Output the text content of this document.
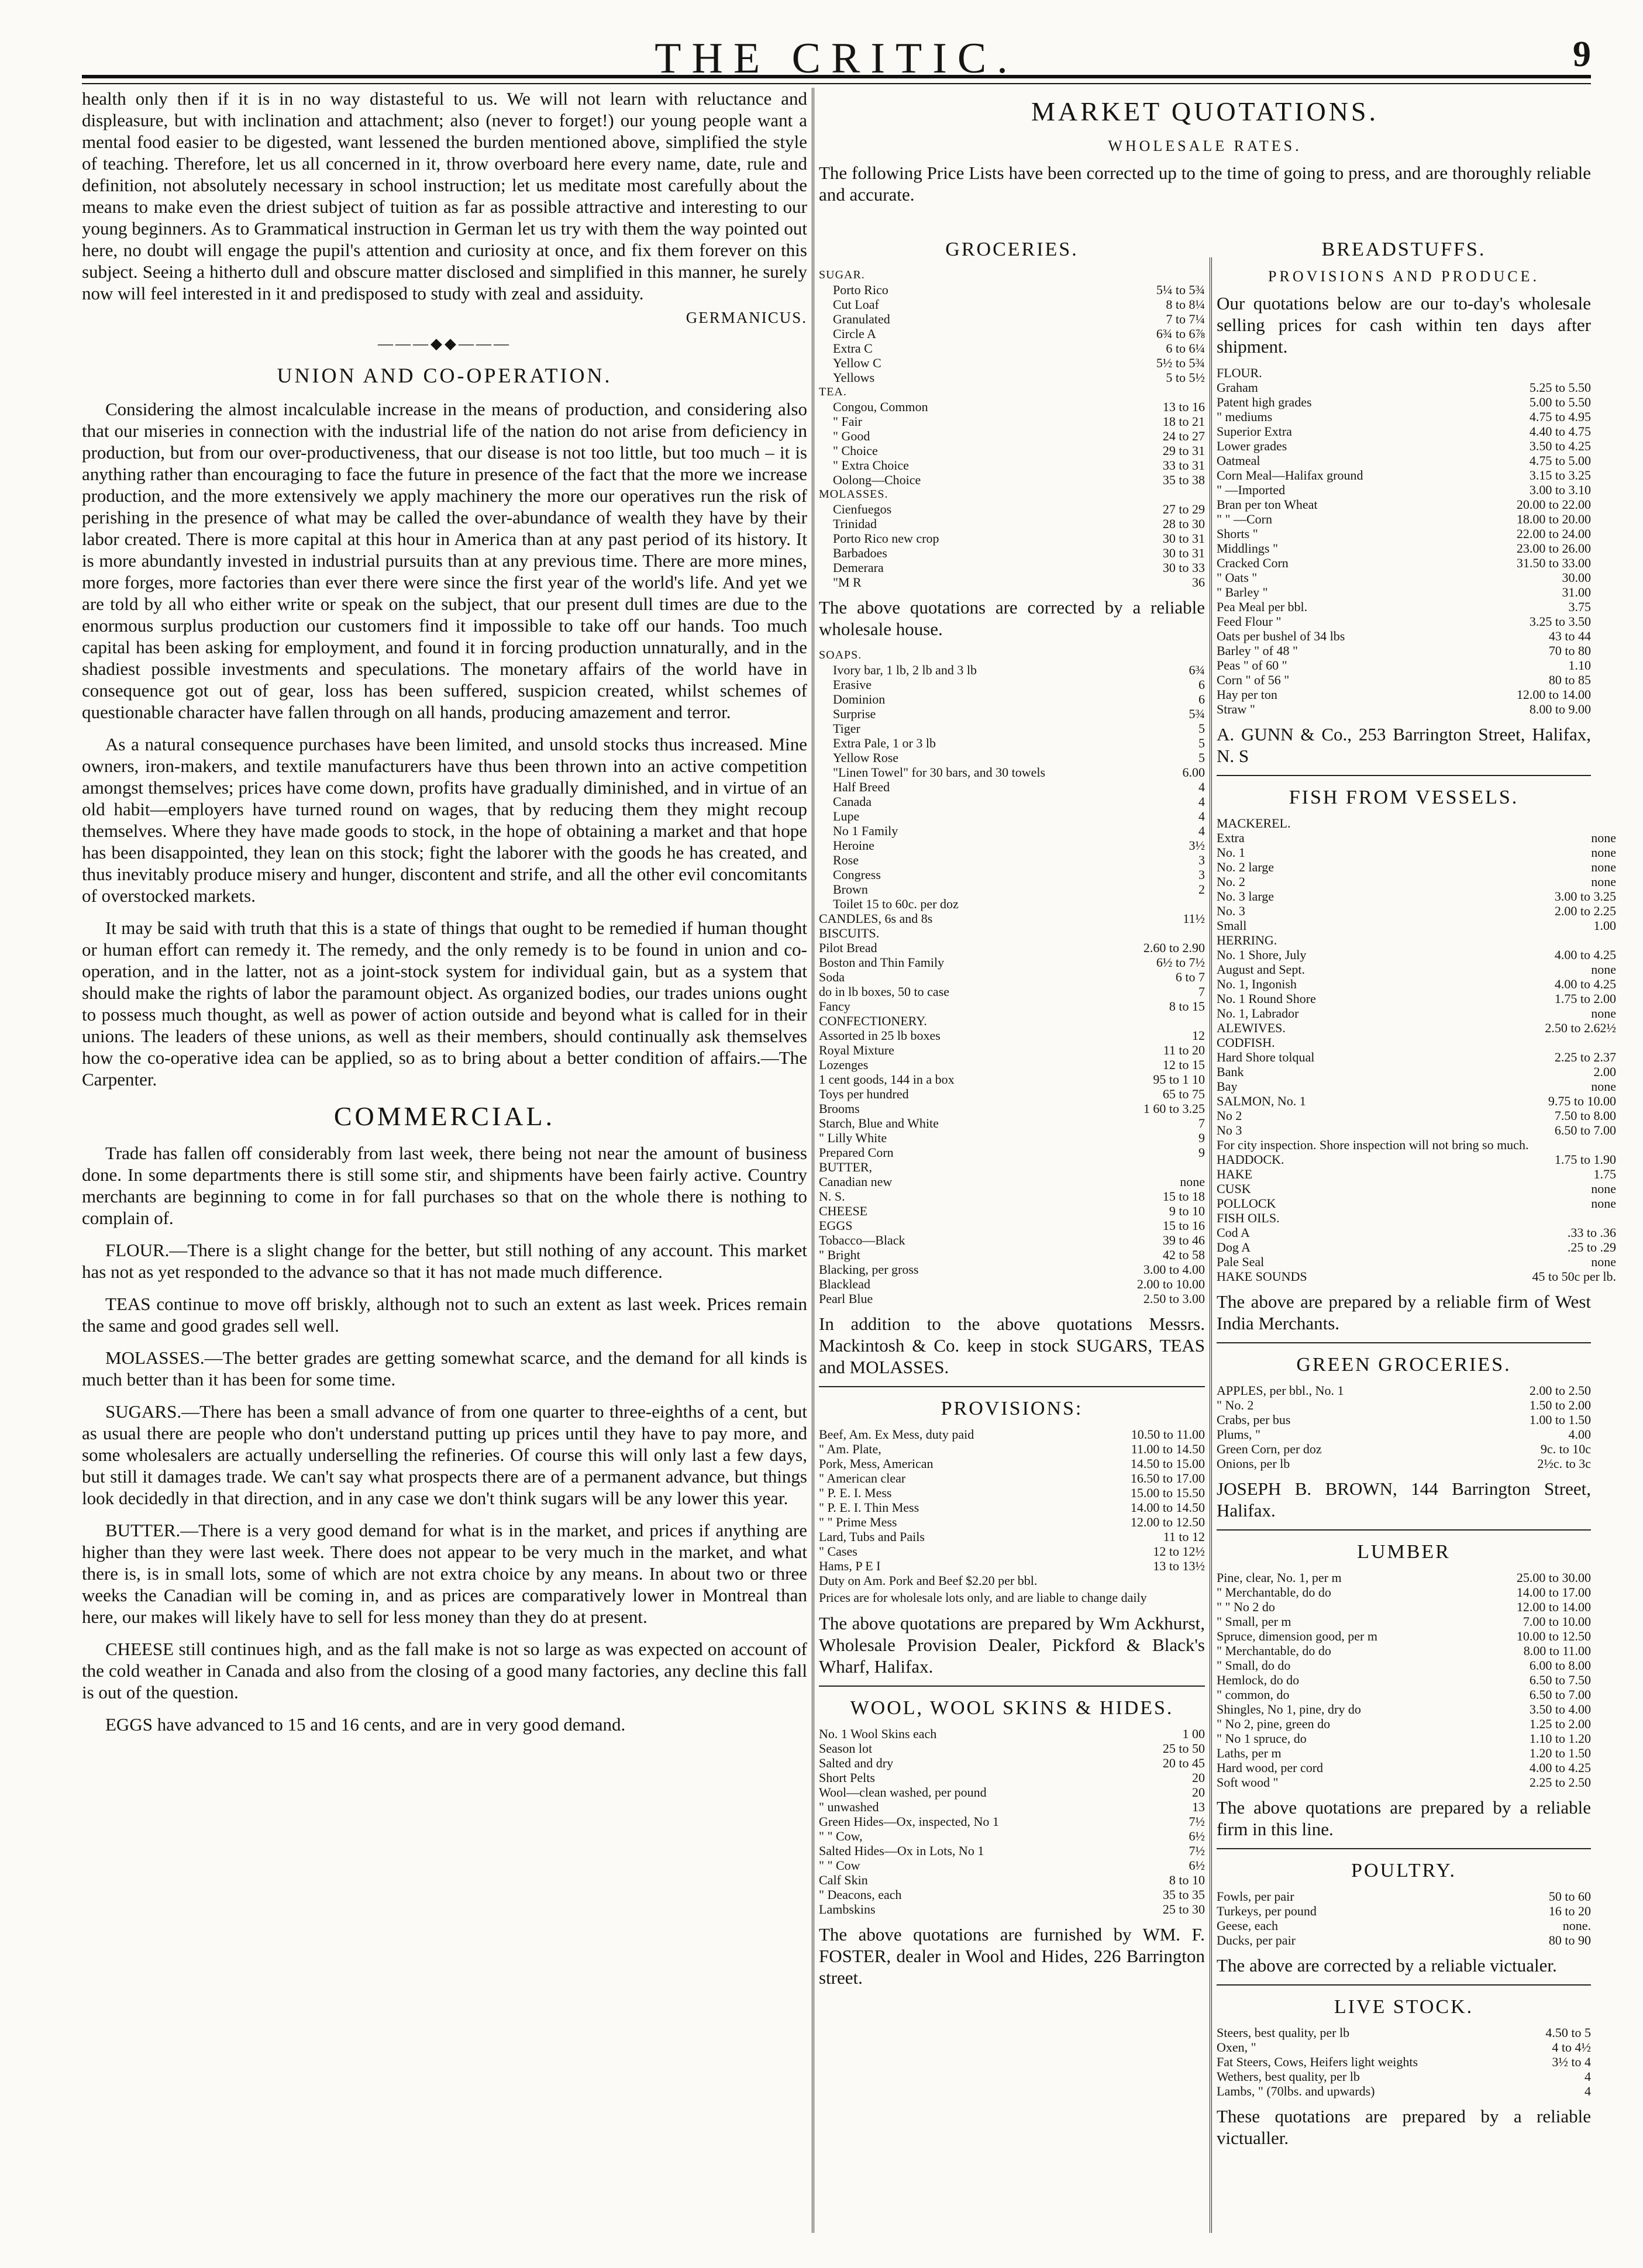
THE CRITIC.	9

health only then if it is in no way distasteful to us. We will not learn with reluctance and displeasure, but with inclination and attachment; also (never to forget!) our young people want a mental food easier to be digested, want lessened the burden mentioned above, simplified the style of teaching. Therefore, let us all concerned in it, throw overboard here every name, date, rule and definition, not absolutely necessary in school instruction; let us meditate most carefully about the means to make even the driest subject of tuition as far as possible attractive and interesting to our young beginners. As to Grammatical instruction in German let us try with them the way pointed out here, no doubt will engage the pupil's attention and curiosity at once, and fix them forever on this subject. Seeing a hitherto dull and obscure matter disclosed and simplified in this manner, he surely now will feel interested in it and predisposed to study with zeal and assiduity.

GERMANICUS.
———◆◆———
UNION AND CO-OPERATION.

Considering the almost incalculable increase in the means of production, and considering also that our miseries in connection with the industrial life of the nation do not arise from deficiency in production, but from our over-productiveness, that our disease is not too little, but too much – it is anything rather than encouraging to face the future in presence of the fact that the more we increase production, and the more extensively we apply machinery the more our operatives run the risk of perishing in the presence of what may be called the over-abundance of wealth they have by their labor created. There is more capital at this hour in America than at any past period of its history. It is more abundantly invested in industrial pursuits than at any previous time. There are more mines, more forges, more factories than ever there were since the first year of the world's life. And yet we are told by all who either write or speak on the subject, that our present dull times are due to the enormous surplus production our customers find it impossible to take off our hands. Too much capital has been asking for employment, and found it in forcing production unnaturally, and in the shadiest possible investments and speculations. The monetary affairs of the world have in consequence got out of gear, loss has been suffered, suspicion created, whilst schemes of questionable character have fallen through on all hands, producing amazement and terror.

As a natural consequence purchases have been limited, and unsold stocks thus increased. Mine owners, iron-makers, and textile manufacturers have thus been thrown into an active competition amongst themselves; prices have come down, profits have gradually diminished, and in virtue of an old habit—employers have turned round on wages, that by reducing them they might recoup themselves. Where they have made goods to stock, in the hope of obtaining a market and that hope has been disappointed, they lean on this stock; fight the laborer with the goods he has created, and thus inevitably produce misery and hunger, discontent and strife, and all the other evil concomitants of overstocked markets.

It may be said with truth that this is a state of things that ought to be remedied if human thought or human effort can remedy it. The remedy, and the only remedy is to be found in union and co-operation, and in the latter, not as a joint-stock system for individual gain, but as a system that should make the rights of labor the paramount object. As organized bodies, our trades unions ought to possess much thought, as well as power of action outside and beyond what is called for in their unions. The leaders of these unions, as well as their members, should continually ask themselves how the co-operative idea can be applied, so as to bring about a better condition of affairs.—The Carpenter.

COMMERCIAL.

Trade has fallen off considerably from last week, there being not near the amount of business done. In some departments there is still some stir, and shipments have been fairly active. Country merchants are beginning to come in for fall purchases so that on the whole there is nothing to complain of.

FLOUR.—There is a slight change for the better, but still nothing of any account. This market has not as yet responded to the advance so that it has not made much difference.

TEAS continue to move off briskly, although not to such an extent as last week. Prices remain the same and good grades sell well.

MOLASSES.—The better grades are getting somewhat scarce, and the demand for all kinds is much better than it has been for some time.

SUGARS.—There has been a small advance of from one quarter to three-eighths of a cent, but as usual there are people who don't understand putting up prices until they have to pay more, and some wholesalers are actually underselling the refineries. Of course this will only last a few days, but still it damages trade. We can't say what prospects there are of a permanent advance, but things look decidedly in that direction, and in any case we don't think sugars will be any lower this year.

BUTTER.—There is a very good demand for what is in the market, and prices if anything are higher than they were last week. There does not appear to be very much in the market, and what there is, is in small lots, some of which are not extra choice by any means. In about two or three weeks the Canadian will be coming in, and as prices are comparatively lower in Montreal than here, our makes will likely have to sell for less money than they do at present.

CHEESE still continues high, and as the fall make is not so large as was expected on account of the cold weather in Canada and also from the closing of a good many factories, any decline this fall is out of the question.

EGGS have advanced to 15 and 16 cents, and are in very good demand.

MARKET QUOTATIONS.
WHOLESALE RATES.
The following Price Lists have been corrected up to the time of going to press, and are thoroughly reliable and accurate.
GROCERIES.
SUGAR.	
Porto Rico	5¼ to 5¾
Cut Loaf	8 to 8¼
Granulated	7 to 7¼
Circle A	6¾ to 6⅞
Extra C	6 to 6¼
Yellow C	5½ to 5¾
Yellows	5 to 5½
TEA.	
Congou, Common	13 to 16
" Fair	18 to 21
" Good	24 to 27
" Choice	29 to 31
" Extra Choice	33 to 31
Oolong—Choice	35 to 38
MOLASSES.	
Cienfuegos	27 to 29
Trinidad	28 to 30
Porto Rico new crop	30 to 31
Barbadoes	30 to 31
Demerara	30 to 33
"M R	36
The above quotations are corrected by a reliable wholesale house.
SOAPS.	
Ivory bar, 1 lb, 2 lb and 3 lb	6¾
Erasive	6
Dominion	6
Surprise	5¾
Tiger	5
Extra Pale, 1 or 3 lb	5
Yellow Rose	5
"Linen Towel" for 30 bars, and 30 towels	6.00
Half Breed	4
Canada	4
Lupe	4
No 1 Family	4
Heroine	3½
Rose	3
Congress	3
Brown	2
Toilet 15 to 60c. per doz	
CANDLES, 6s and 8s	11½
BISCUITS.	
Pilot Bread	2.60 to 2.90
Boston and Thin Family	6½ to 7½
Soda	6 to 7
do in lb boxes, 50 to case	7
Fancy	8 to 15
CONFECTIONERY.	
Assorted in 25 lb boxes	12
Royal Mixture	11 to 20
Lozenges	12 to 15
1 cent goods, 144 in a box	95 to 1 10
Toys per hundred	65 to 75
Brooms	1 60 to 3.25
Starch, Blue and White	7
" Lilly White	9
Prepared Corn	9
BUTTER,	
Canadian new	none
N. S.	15 to 18
CHEESE	9 to 10
EGGS	15 to 16
Tobacco—Black	39 to 46
" Bright	42 to 58
Blacking, per gross	3.00 to 4.00
Blacklead	2.00 to 10.00
Pearl Blue	2.50 to 3.00
In addition to the above quotations Messrs. Mackintosh & Co. keep in stock SUGARS, TEAS and MOLASSES.
PROVISIONS:
Beef, Am. Ex Mess, duty paid	10.50 to 11.00
" Am. Plate,	11.00 to 14.50
Pork, Mess, American	14.50 to 15.00
" American clear	16.50 to 17.00
" P. E. I. Mess	15.00 to 15.50
" P. E. I. Thin Mess	14.00 to 14.50
" " Prime Mess	12.00 to 12.50
Lard, Tubs and Pails	11 to 12
" Cases	12 to 12½
Hams, P E I	13 to 13½
Duty on Am. Pork and Beef $2.20 per bbl.	
Prices are for wholesale lots only, and are liable to change daily
The above quotations are prepared by Wm Ackhurst, Wholesale Provision Dealer, Pickford & Black's Wharf, Halifax.
WOOL, WOOL SKINS & HIDES.
No. 1 Wool Skins each	1 00
Season lot	25 to 50
Salted and dry	20 to 45
Short Pelts	20
Wool—clean washed, per pound	20
" unwashed	13
Green Hides—Ox, inspected, No 1	7½
" " Cow,	6½
Salted Hides—Ox in Lots, No 1	7½
" " Cow	6½
Calf Skin	8 to 10
" Deacons, each	35 to 35
Lambskins	25 to 30
The above quotations are furnished by WM. F. FOSTER, dealer in Wool and Hides, 226 Barrington street.
BREADSTUFFS.
PROVISIONS AND PRODUCE.
Our quotations below are our to-day's wholesale selling prices for cash within ten days after shipment.
FLOUR.	
Graham	5.25 to 5.50
Patent high grades	5.00 to 5.50
" mediums	4.75 to 4.95
Superior Extra	4.40 to 4.75
Lower grades	3.50 to 4.25
Oatmeal	4.75 to 5.00
Corn Meal—Halifax ground	3.15 to 3.25
" —Imported	3.00 to 3.10
Bran per ton Wheat	20.00 to 22.00
" " —Corn	18.00 to 20.00
Shorts "	22.00 to 24.00
Middlings "	23.00 to 26.00
Cracked Corn	31.50 to 33.00
" Oats "	30.00
" Barley "	31.00
Pea Meal per bbl.	3.75
Feed Flour "	3.25 to 3.50
Oats per bushel of 34 lbs	43 to 44
Barley " of 48 "	70 to 80
Peas " of 60 "	1.10
Corn " of 56 "	80 to 85
Hay per ton	12.00 to 14.00
Straw "	8.00 to 9.00
A. GUNN & Co., 253 Barrington Street, Halifax, N. S
FISH FROM VESSELS.
MACKEREL.	
Extra	none
No. 1	none
No. 2 large	none
No. 2	none
No. 3 large	3.00 to 3.25
No. 3	2.00 to 2.25
Small	1.00
HERRING.	
No. 1 Shore, July	4.00 to 4.25
August and Sept.	none
No. 1, Ingonish	4.00 to 4.25
No. 1 Round Shore	1.75 to 2.00
No. 1, Labrador	none
ALEWIVES.	2.50 to 2.62½
CODFISH.	
Hard Shore tolqual	2.25 to 2.37
Bank	2.00
Bay	none
SALMON, No. 1	9.75 to 10.00
No 2	7.50 to 8.00
No 3	6.50 to 7.00
For city inspection. Shore inspection will not bring so much.	
HADDOCK.	1.75 to 1.90
HAKE	1.75
CUSK	none
POLLOCK	none
FISH OILS.	
Cod A	.33 to .36
Dog A	.25 to .29
Pale Seal	none
HAKE SOUNDS	45 to 50c per lb.
The above are prepared by a reliable firm of West India Merchants.
GREEN GROCERIES.
APPLES, per bbl., No. 1	2.00 to 2.50
" No. 2	1.50 to 2.00
Crabs, per bus	1.00 to 1.50
Plums, "	4.00
Green Corn, per doz	9c. to 10c
Onions, per lb	2½c. to 3c
JOSEPH B. BROWN, 144 Barrington Street, Halifax.
LUMBER
Pine, clear, No. 1, per m	25.00 to 30.00
" Merchantable, do do	14.00 to 17.00
" " No 2 do	12.00 to 14.00
" Small, per m	7.00 to 10.00
Spruce, dimension good, per m	10.00 to 12.50
" Merchantable, do do	8.00 to 11.00
" Small, do do	6.00 to 8.00
Hemlock, do do	6.50 to 7.50
" common, do	6.50 to 7.00
Shingles, No 1, pine, dry do	3.50 to 4.00
" No 2, pine, green do	1.25 to 2.00
" No 1 spruce, do	1.10 to 1.20
Laths, per m	1.20 to 1.50
Hard wood, per cord	4.00 to 4.25
Soft wood "	2.25 to 2.50
The above quotations are prepared by a reliable firm in this line.
POULTRY.
Fowls, per pair	50 to 60
Turkeys, per pound	16 to 20
Geese, each	none.
Ducks, per pair	80 to 90
The above are corrected by a reliable victualer.
LIVE STOCK.
Steers, best quality, per lb	4.50 to 5
Oxen, "	4 to 4½
Fat Steers, Cows, Heifers light weights	3½ to 4
Wethers, best quality, per lb	4
Lambs, " (70lbs. and upwards)	4
These quotations are prepared by a reliable victualler.
